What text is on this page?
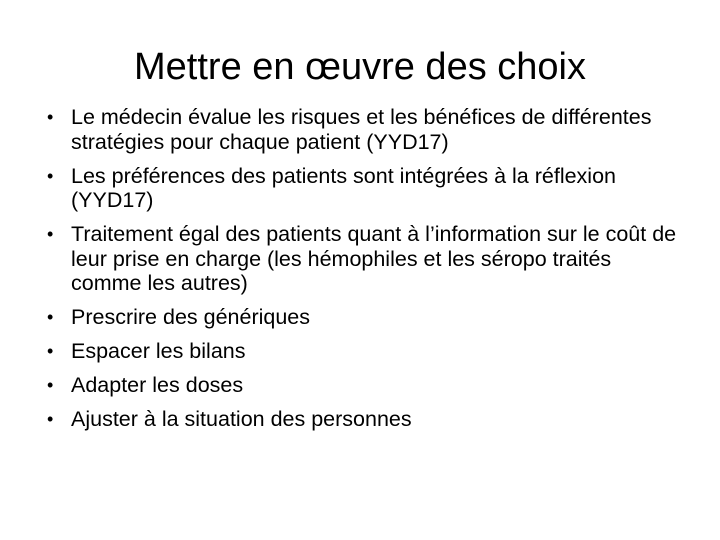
Mettre en œuvre des choix
• Le médecin évalue les risques et les bénéfices de différentes stratégies pour chaque patient (YYD17)
• Les préférences des patients sont intégrées à la réflexion (YYD17)
• Traitement égal des patients quant à l’information sur le coût de leur prise en charge (les hémophiles et les séropo traités comme les autres)
• Prescrire des génériques
• Espacer les bilans
• Adapter les doses
• Ajuster à la situation des personnes
